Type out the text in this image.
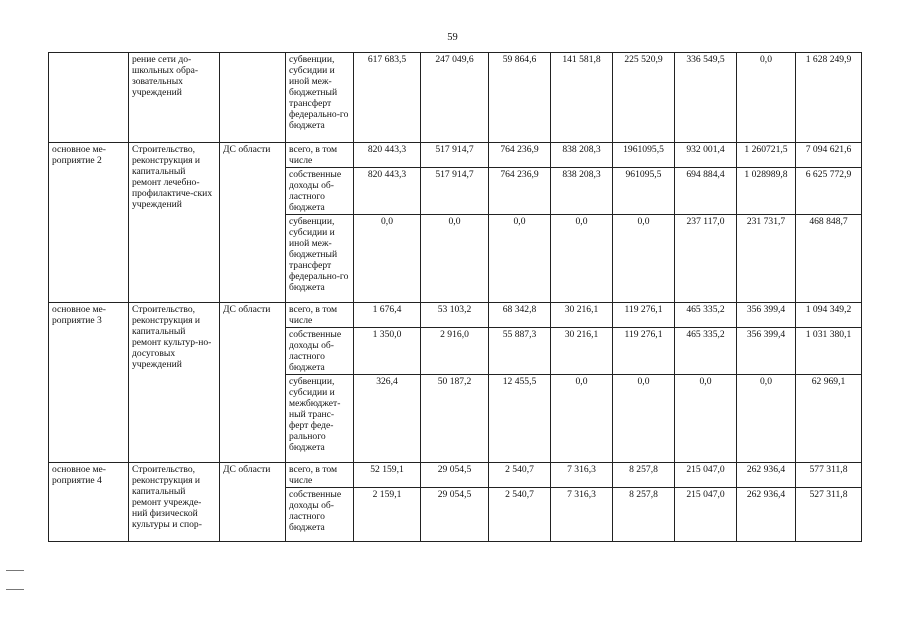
59
	рение сети до-школьных обра-зовательных учреждений		субвенции, субсидии и иной меж-бюджетный трансферт федерально-го бюджета	617 683,5	247 049,6	59 864,6	141 581,8	225 520,9	336 549,5	0,0	1 628 249,9
основное ме-роприятие 2	Строительство, реконструкция и капитальный ремонт лечебно-профилактиче-ских учреждений	ДС области	всего, в том числе	820 443,3	517 914,7	764 236,9	838 208,3	1961095,5	932 001,4	1 260721,5	7 094 621,6
			собственные доходы об-ластного бюджета	820 443,3	517 914,7	764 236,9	838 208,3	961095,5	694 884,4	1 028989,8	6 625 772,9
			субвенции, субсидии и иной меж-бюджетный трансферт федерально-го бюджета	0,0	0,0	0,0	0,0	0,0	237 117,0	231 731,7	468 848,7
основное ме-роприятие 3	Строительство, реконструкция и капитальный ремонт культур-но-досуговых учреждений	ДС области	всего, в том числе	1 676,4	53 103,2	68 342,8	30 216,1	119 276,1	465 335,2	356 399,4	1 094 349,2
			собственные доходы об-ластного бюджета	1 350,0	2 916,0	55 887,3	30 216,1	119 276,1	465 335,2	356 399,4	1 031 380,1
			субвенции, субсидии и межбюджет-ный транс-ферт феде-рального бюджета	326,4	50 187,2	12 455,5	0,0	0,0	0,0	0,0	62 969,1
основное ме-роприятие 4	Строительство, реконструкция и капитальный ремонт учрежде-ний физической культуры и спор-	ДС области	всего, в том числе	52 159,1	29 054,5	2 540,7	7 316,3	8 257,8	215 047,0	262 936,4	577 311,8
			собственные доходы об-ластного бюджета	2 159,1	29 054,5	2 540,7	7 316,3	8 257,8	215 047,0	262 936,4	527 311,8
